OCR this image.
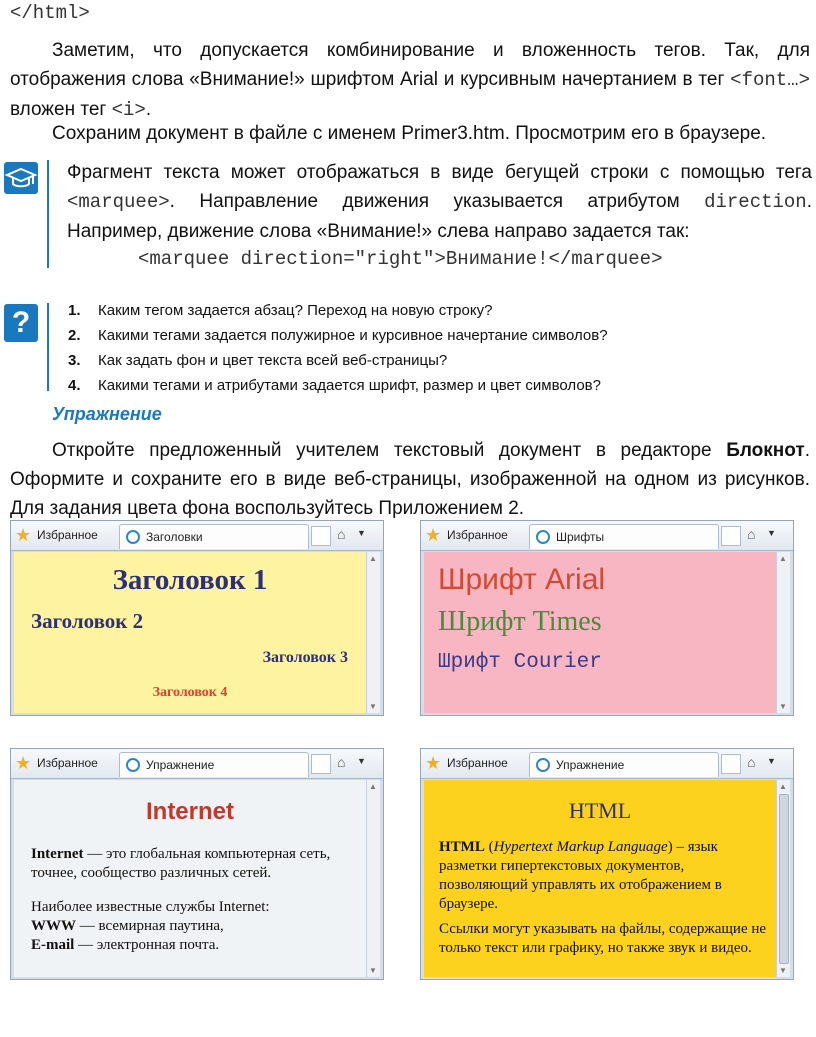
</html>
Заметим, что допускается комбинирование и вложенность тегов. Так, для отображения слова «Внимание!» шрифтом Arial и курсивным начертанием в тег <font…> вложен тег <i>.
Сохраним документ в файле с именем Primer3.htm. Просмотрим его в браузере.
Фрагмент текста может отображаться в виде бегущей строки с помощью тега <marquee>. Направление движения указывается атрибутом direction. Например, движение слова «Внимание!» слева направо задается так:
<marquee direction="right">Внимание!</marquee>
?	1. Каким тегом задается абзац? Переход на новую строку?
2. Какими тегами задается полужирное и курсивное начертание символов?
3. Как задать фон и цвет текста всей веб-страницы?
4. Какими тегами и атрибутами задается шрифт, размер и цвет символов?
Упражнение
Откройте предложенный учителем текстовый документ в редакторе Блокнот. Оформите и сохраните его в виде веб-страницы, изображенной на одном из рисунков. Для задания цвета фона воспользуйтесь Приложением 2.
★ Избранное	Заголовки	⌂ ▼
Заголовок 1
Заголовок 2
Заголовок 3
Заголовок 4
▲
▼
★ Избранное	Шрифты	⌂ ▼
Шрифт Arial
Шрифт Times
Шрифт Courier
▲
▼
★ Избранное	Упражнение	⌂ ▼
Internet
Internet — это глобальная компьютерная сеть, точнее, сообщество различных сетей.
Наиболее известные службы Internet:
WWW — всемирная паутина,
E-mail — электронная почта.
▲
▼
★ Избранное	Упражнение	⌂ ▼
HTML
HTML (Hypertext Markup Language) – язык разметки гипертекстовых документов, позволяющий управлять их отображением в браузере.
Ссылки могут указывать на файлы, содержащие не только текст или графику, но также звук и видео.
▲
▼
